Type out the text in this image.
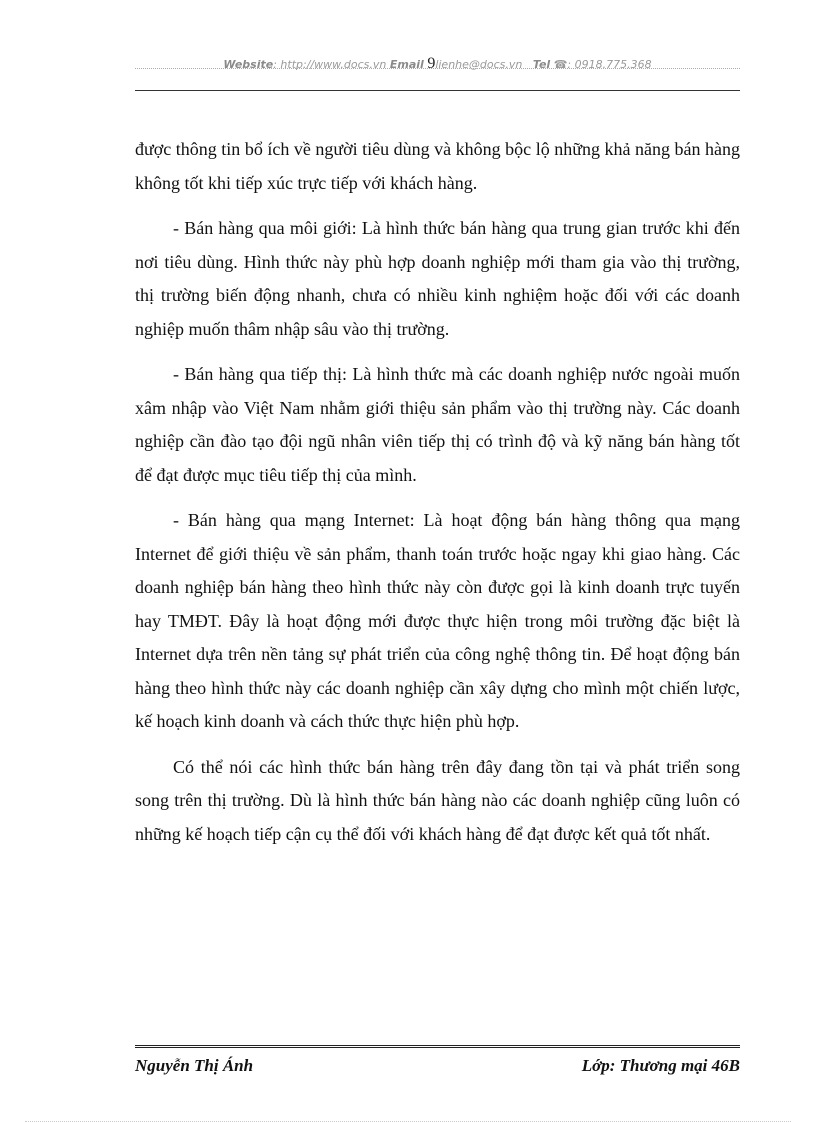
Website: http://www.docs.vn Email 9lienhe@docs.vn Tel ☎: 0918.775.368

được thông tin bổ ích về người tiêu dùng và không bộc lộ những khả năng bán hàng không tốt khi tiếp xúc trực tiếp với khách hàng.

- Bán hàng qua môi giới: Là hình thức bán hàng qua trung gian trước khi đến nơi tiêu dùng. Hình thức này phù hợp doanh nghiệp mới tham gia vào thị trường, thị trường biến động nhanh, chưa có nhiều kinh nghiệm hoặc đối với các doanh nghiệp muốn thâm nhập sâu vào thị trường.

- Bán hàng qua tiếp thị: Là hình thức mà các doanh nghiệp nước ngoài muốn xâm nhập vào Việt Nam nhằm giới thiệu sản phẩm vào thị trường này. Các doanh nghiệp cần đào tạo đội ngũ nhân viên tiếp thị có trình độ và kỹ năng bán hàng tốt để đạt được mục tiêu tiếp thị của mình.

- Bán hàng qua mạng Internet: Là hoạt động bán hàng thông qua mạng Internet để giới thiệu về sản phẩm, thanh toán trước hoặc ngay khi giao hàng. Các doanh nghiệp bán hàng theo hình thức này còn được gọi là kinh doanh trực tuyến hay TMĐT. Đây là hoạt động mới được thực hiện trong môi trường đặc biệt là Internet dựa trên nền tảng sự phát triển của công nghệ thông tin. Để hoạt động bán hàng theo hình thức này các doanh nghiệp cần xây dựng cho mình một chiến lược, kế hoạch kinh doanh và cách thức thực hiện phù hợp.

Có thể nói các hình thức bán hàng trên đây đang tồn tại và phát triển song song trên thị trường. Dù là hình thức bán hàng nào các doanh nghiệp cũng luôn có những kế hoạch tiếp cận cụ thể đối với khách hàng để đạt được kết quả tốt nhất.

Nguyễn Thị Ánh	Lớp: Thương mại 46B
